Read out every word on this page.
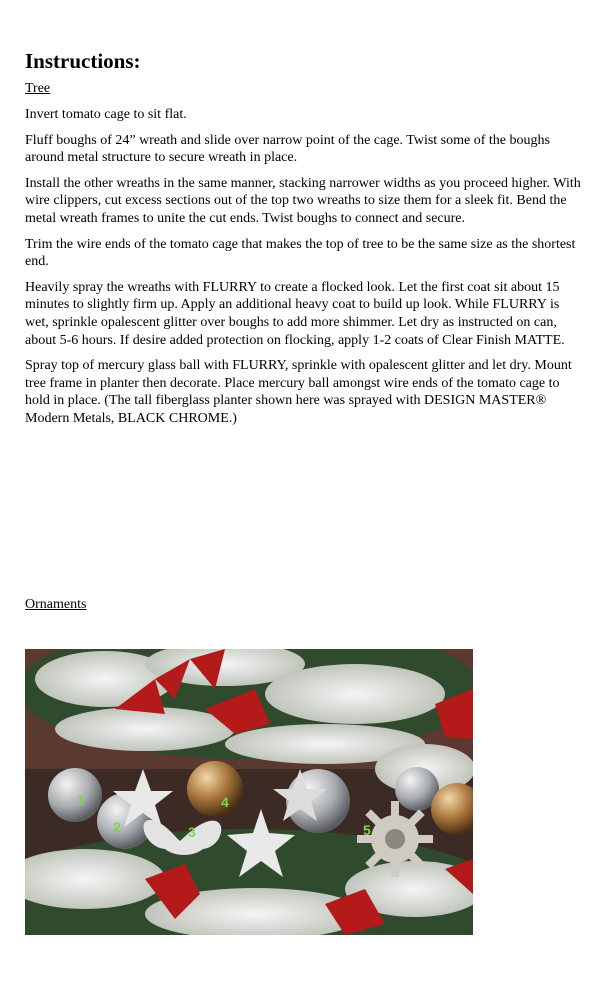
Instructions:
Tree

Invert tomato cage to sit flat.

Fluff boughs of 24” wreath and slide over narrow point of the cage. Twist some of the boughs around metal structure to secure wreath in place.

Install the other wreaths in the same manner, stacking narrower widths as you proceed higher. With wire clippers, cut excess sections out of the top two wreaths to size them for a sleek fit. Bend the metal wreath frames to unite the cut ends. Twist boughs to connect and secure.

Trim the wire ends of the tomato cage that makes the top of tree to be the same size as the shortest end.

Heavily spray the wreaths with FLURRY to create a flocked look. Let the first coat sit about 15 minutes to slightly firm up. Apply an additional heavy coat to build up look. While FLURRY is wet, sprinkle opalescent glitter over boughs to add more shimmer. Let dry as instructed on can, about 5-6 hours. If desire added protection on flocking, apply 1-2 coats of Clear Finish MATTE.

Spray top of mercury glass ball with FLURRY, sprinkle with opalescent glitter and let dry. Mount tree frame in planter then decorate. Place mercury ball amongst wire ends of the tomato cage to hold in place. (The tall fiberglass planter shown here was sprayed with DESIGN MASTER® Modern Metals, BLACK CHROME.)

Ornaments
1
2	3
4
5
